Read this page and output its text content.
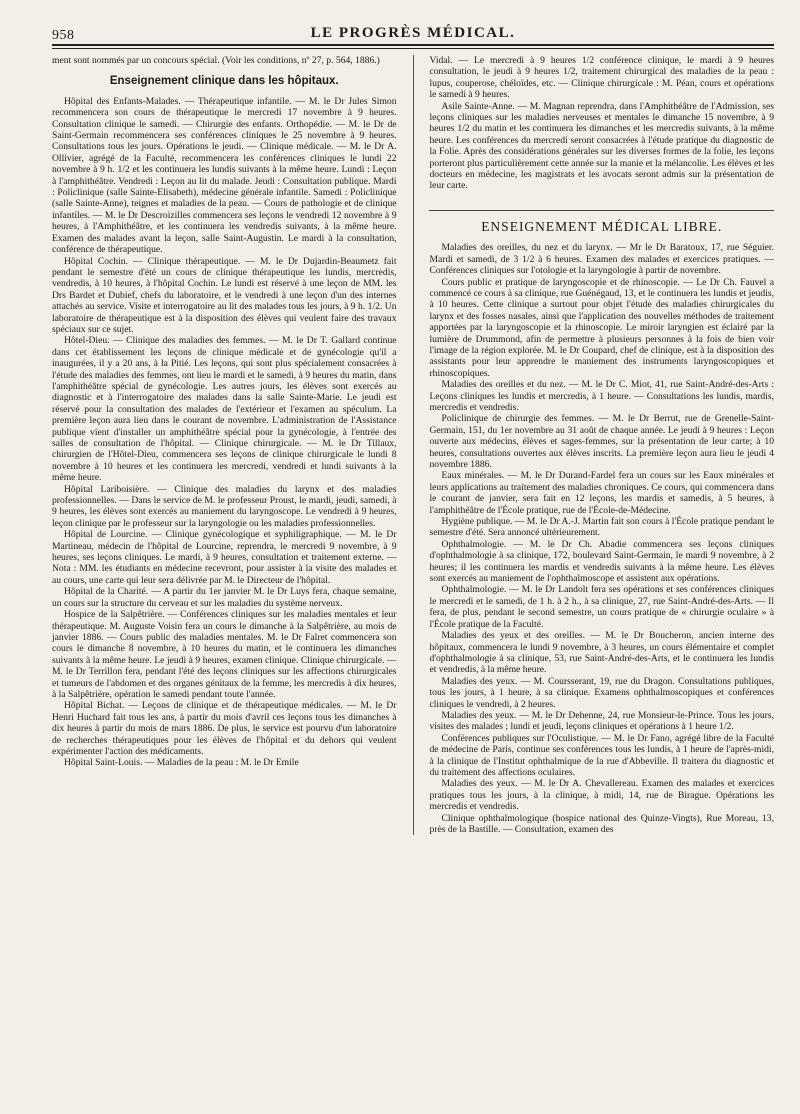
958	LE PROGRÈS MÉDICAL.

ment sont nommés par un concours spécial. (Voir les conditions, nº 27, p. 564, 1886.)

Enseignement clinique dans les hôpitaux.

Hôpital des Enfants-Malades. — Thérapeutique infantile. — M. le Dr Jules Simon recommencera son cours de thérapeutique le mercredi 17 novembre à 9 heures. Consultation clinique le samedi. — Chirurgie des enfants. Orthopédie. — M. le Dr de Saint-Germain recommencera ses conférences cliniques le 25 novembre à 9 heures. Consultations tous les jours. Opérations le jeudi. — Clinique médicale. — M. le Dr A. Ollivier, agrégé de la Faculté, recommencera les conférences cliniques le lundi 22 novembre à 9 h. 1/2 et les continuera les lundis suivants à la même heure. Lundi : Leçon à l'amphithéâtre. Vendredi : Leçon au lit du malade. Jeudi : Consultation publique. Mardi : Policlinique (salle Sainte-Elisabeth), médecine générale infantile. Samedi : Policlinique (salle Sainte-Anne), teignes et maladies de la peau. — Cours de pathologie et de clinique infantiles. — M. le Dr Descroizilles commencera ses leçons le vendredi 12 novembre à 9 heures, à l'Amphithéâtre, et les continuera les vendredis suivants, à la même heure. Examen des malades avant la leçon, salle Saint-Augustin. Le mardi à la consultation, conférence de thérapeutique.

Hôpital Cochin. — Clinique thérapeutique. — M. le Dr Dujardin-Beaumetz fait pendant le semestre d'été un cours de clinique thérapeutique les lundis, mercredis, vendredis, à 10 heures, à l'hôpital Cochin. Le lundi est réservé à une leçon de MM. les Drs Bardet et Dubief, chefs du laboratoire, et le vendredi à une leçon d'un des internes attachés au service. Visite et interrogatoire au lit des malades tous les jours, à 9 h. 1/2. Un laboratoire de thérapeutique est à la disposition des élèves qui veulent faire des travaux spéciaux sur ce sujet.

Hôtel-Dieu. — Clinique des maladies des femmes. — M. le Dr T. Gallard continue dans cet établissement les leçons de clinique médicale et de gynécologie qu'il a inaugurées, il y a 20 ans, à la Pitié. Les leçons, qui sont plus spécialement consacrées à l'étude des maladies des femmes, ont lieu le mardi et le samedi, à 9 heures du matin, dans l'amphithéâtre spécial de gynécologie. Les autres jours, les élèves sont exercés au diagnostic et à l'interrogatoire des malades dans la salle Sainte-Marie. Le jeudi est réservé pour la consultation des malades de l'extérieur et l'examen au spéculum. La première leçon aura lieu dans le courant de novembre. L'administration de l'Assistance publique vient d'installer un amphithéâtre spécial pour la gynécologie, à l'entrée des salles de consultation de l'hôpital. — Clinique chirurgicale. — M. le Dr Tillaux, chirurgien de l'Hôtel-Dieu, commencera ses leçons de clinique chirurgicale le lundi 8 novembre à 10 heures et les continuera les mercredi, vendredi et lundi suivants à la même heure.

Hôpital Lariboisière. — Clinique des maladies du larynx et des maladies professionnelles. — Dans le service de M. le professeur Proust, le mardi, jeudi, samedi, à 9 heures, les élèves sont exercés au maniement du laryngoscope. Le vendredi à 9 heures, leçon clinique par le professeur sur la laryngologie ou les maladies professionnelles.

Hôpital de Lourcine. — Clinique gynécologique et syphiligraphique. — M. le Dr Martineau, médecin de l'hôpital de Lourcine, reprendra, le mercredi 9 novembre, à 9 heures, ses leçons cliniques. Le mardi, à 9 heures, consultation et traitement externe. — Nota : MM. les étudiants en médecine recevront, pour assister à la visite des malades et au cours, une carte qui leur sera délivrée par M. le Directeur de l'hôpital.

Hôpital de la Charité. — A partir du 1er janvier M. le Dr Luys fera, chaque semaine, un cours sur la structure du cerveau et sur les maladies du système nerveux.

Hospice de la Salpêtrière. — Conférences cliniques sur les maladies mentales et leur thérapeutique. M. Auguste Voisin fera un cours le dimanche à la Salpêtrière, au mois de janvier 1886. — Cours public des maladies mentales. M. le Dr Falret commencera son cours le dimanche 8 novembre, à 10 heures du matin, et le continuera les dimanches suivants à la même heure. Le jeudi à 9 heures, examen clinique. Clinique chirurgicale. — M. le Dr Terrillon fera, pendant l'été des leçons cliniques sur les affections chirurgicales et tumeurs de l'abdomen et des organes génitaux de la femme, les mercredis à dix heures, à la Salpêtrière, opération le samedi pendant toute l'année.

Hôpital Bichat. — Leçons de clinique et de thérapeutique médicales. — M. le Dr Henri Huchard fait tous les ans, à partir du mois d'avril ces leçons tous les dimanches à dix heures à partir du mois de mars 1886. De plus, le service est pourvu d'un laboratoire de recherches thérapeutiques pour les élèves de l'hôpital et du dehors qui veulent expérimenter l'action des médicaments.

Hôpital Saint-Louis. — Maladies de la peau : M. le Dr Emile

Vidal. — Le mercredi à 9 heures 1/2 conférence clinique, le mardi à 9 heures consultation, le jeudi à 9 heures 1/2, traitement chirurgical des maladies de la peau : lupus, couperose, chéloïdes, etc. — Clinique chirurgicale : M. Péan, cours et opérations le samedi à 9 heures.

Asile Sainte-Anne. — M. Magnan reprendra, dans l'Amphithéâtre de l'Admission, ses leçons cliniques sur les maladies nerveuses et mentales le dimanche 15 novembre, à 9 heures 1/2 du matin et les continuera les dimanches et les mercredis suivants, à la même heure. Les conférences du mercredi seront consacrées à l'étude pratique du diagnostic de la Folie. Après des considérations générales sur les diverses formes de la folie, les leçons porteront plus particulièrement cette année sur la manie et la mélancolie. Les élèves et les docteurs en médecine, les magistrats et les avocats seront admis sur la présentation de leur carte.

ENSEIGNEMENT MÉDICAL LIBRE.

Maladies des oreilles, du nez et du larynx. — Mr le Dr Baratoux, 17, rue Séguier. Mardi et samedi, de 3 1/2 à 6 heures. Examen des malades et exercices pratiques. — Conférences cliniques sur l'otologie et la laryngologie à partir de novembre.

Cours public et pratique de laryngoscopie et de rhinoscopie. — Le Dr Ch. Fauvel a commencé ce cours à sa clinique, rue Guénégaud, 13, et le continuera les lundis et jeudis, à 10 heures. Cette clinique a surtout pour objet l'étude des maladies chirurgicales du larynx et des fosses nasales, ainsi que l'application des nouvelles méthodes de traitement apportées par la laryngoscopie et la rhinoscopie. Le miroir laryngien est éclairé par la lumière de Drummond, afin de permettre à plusieurs personnes à la fois de bien voir l'image de la région explorée. M. le Dr Coupard, chef de clinique, est à la disposition des assistants pour leur apprendre le maniement des instruments laryngoscopiques et rhinoscopiques.

Maladies des oreilles et du nez. — M. le Dr C. Miot, 41, rue Saint-André-des-Arts : Leçons cliniques les lundis et mercredis, à 1 heure. — Consultations les lundis, mardis, mercredis et vendredis.

Policlinique de chirurgie des femmes. — M. le Dr Berrut, rue de Grenelle-Saint-Germain, 151, du 1er novembre au 31 août de chaque année. Le jeudi à 9 heures : Leçon ouverte aux médecins, élèves et sages-femmes, sur la présentation de leur carte; à 10 heures, consultations ouvertes aux élèves inscrits. La première leçon aura lieu le jeudi 4 novembre 1886.

Eaux minérales. — M. le Dr Durand-Fardel fera un cours sur les Eaux minérales et leurs applications au traitement des maladies chroniques. Ce cours, qui commencera dans le courant de janvier, sera fait en 12 leçons, les mardis et samedis, à 5 heures, à l'amphithéâtre de l'École pratique, rue de l'École-de-Médecine.

Hygiène publique. — M. le Dr A.-J. Martin fait son cours à l'École pratique pendant le semestre d'été. Sera annoncé ultérieurement.

Ophthalmologie. — M. le Dr Ch. Abadie commencera ses leçons cliniques d'ophthalmologie à sa clinique, 172, boulevard Saint-Germain, le mardi 9 novembre, à 2 heures; il les continuera les mardis et vendredis suivants à la même heure. Les élèves sont exercés au maniement de l'ophthalmoscope et assistent aux opérations.

Ophthalmologie. — M. le Dr Landolt fera ses opérations et ses conférences cliniques le mercredi et le samedi, de 1 h. à 2 h., à sa clinique, 27, rue Saint-André-des-Arts. — Il fera, de plus, pendant le second semestre, un cours pratique de « chirurgie oculaire » à l'École pratique de la Faculté.

Maladies des yeux et des oreilles. — M. le Dr Boucheron, ancien interne des hôpitaux, commencera le lundi 9 novembre, à 3 heures, un cours élémentaire et complet d'ophthalmologie à sa clinique, 53, rue Saint-André-des-Arts, et le continuera les lundis et vendredis, à la même heure.

Maladies des yeux. — M. Coursserant, 19, rue du Dragon. Consultations publiques, tous les jours, à 1 heure, à sa clinique. Examens ophthalmoscopiques et conférences cliniques le vendredi, à 2 heures.

Maladies des yeux. — M. le Dr Dehenne, 24, rue Monsieur-le-Prince. Tous les jours, visites des malades ; lundi et jeudi, leçons cliniques et opérations à 1 heure 1/2.

Conférences publiques sur l'Oculistique. — M. le Dr Fano, agrégé libre de la Faculté de médecine de Paris, continue ses conférences tous les lundis, à 1 heure de l'après-midi, à la clinique de l'Institut ophthalmique de la rue d'Abbeville. Il traitera du diagnostic et du traitement des affections oculaires.

Maladies des yeux. — M. le Dr A. Chevallereau. Examen des malades et exercices pratiques tous les jours, à la clinique, à midi, 14, rue de Birague. Opérations les mercredis et vendredis.

Clinique ophthalmologique (hospice national des Quinze-Vingts), Rue Moreau, 13, près de la Bastille. — Consultation, examen des
